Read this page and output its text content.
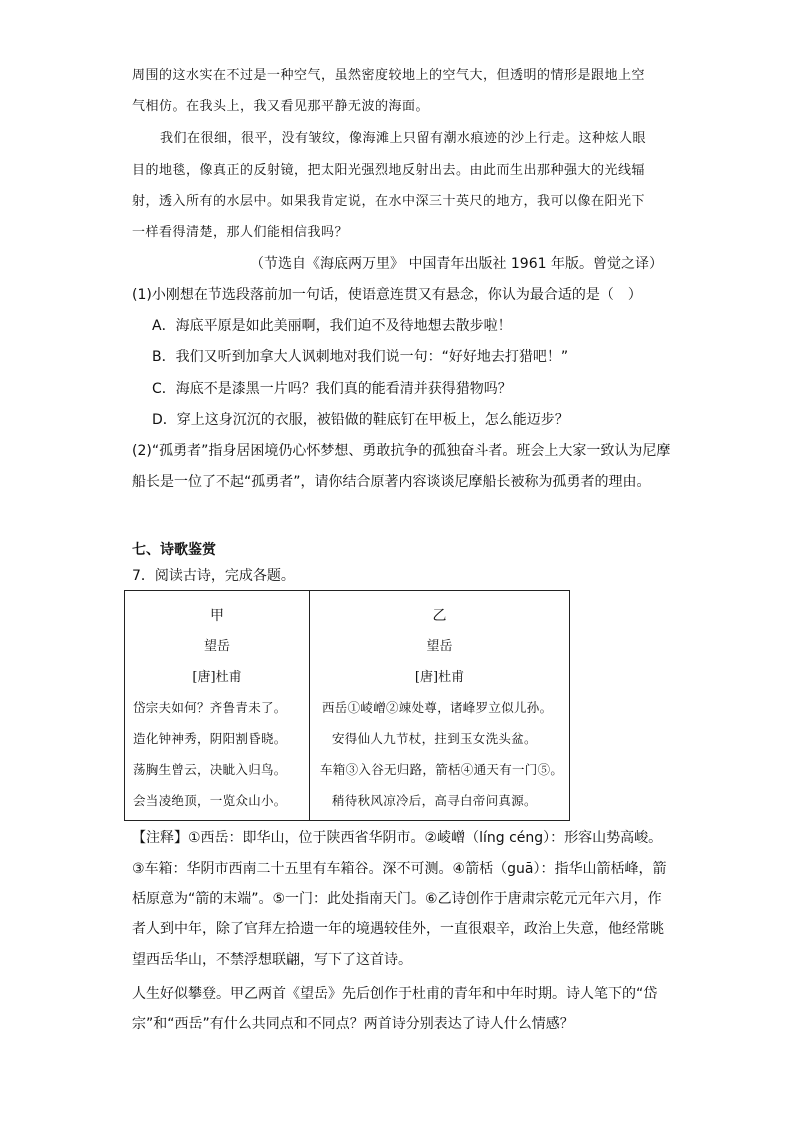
周围的这水实在不过是一种空气，虽然密度较地上的空气大，但透明的情形是跟地上空
气相仿。在我头上，我又看见那平静无波的海面。
我们在很细，很平，没有皱纹，像海滩上只留有潮水痕迹的沙上行走。这种炫人眼
目的地毯，像真正的反射镜，把太阳光强烈地反射出去。由此而生出那种强大的光线辐
射，透入所有的水层中。如果我肯定说，在水中深三十英尺的地方，我可以像在阳光下
一样看得清楚，那人们能相信我吗？
（节选自《海底两万里》 中国青年出版社 1961 年版。曾觉之译）
(1)小刚想在节选段落前加一句话，使语意连贯又有悬念，你认为最合适的是（　）
A．海底平原是如此美丽啊，我们迫不及待地想去散步啦！
B．我们又听到加拿大人讽刺地对我们说一句：“好好地去打猎吧！”
C．海底不是漆黑一片吗？我们真的能看清并获得猎物吗？
D．穿上这身沉沉的衣服，被铅做的鞋底钉在甲板上，怎么能迈步？
(2)“孤勇者”指身居困境仍心怀梦想、勇敢抗争的孤独奋斗者。班会上大家一致认为尼摩
船长是一位了不起“孤勇者”，请你结合原著内容谈谈尼摩船长被称为孤勇者的理由。
七、诗歌鉴赏
7．阅读古诗，完成各题。
甲
望岳
[唐]杜甫
岱宗夫如何？齐鲁青未了。
造化钟神秀，阴阳割昏晓。
荡胸生曾云，决眦入归鸟。
会当凌绝顶，一览众山小。

乙
望岳
[唐]杜甫
西岳①崚嶒②竦处尊，诸峰罗立似儿孙。
安得仙人九节杖，拄到玉女洗头盆。
车箱③入谷无归路，箭栝④通天有一门⑤。
稍待秋风凉冷后，高寻白帝问真源。
【注释】①西岳：即华山，位于陕西省华阴市。②崚嶒（líng céng）：形容山势高峻。
③车箱：华阴市西南二十五里有车箱谷。深不可测。④箭栝（guā）：指华山箭栝峰，箭
栝原意为“箭的末端”。⑤一门：此处指南天门。⑥乙诗创作于唐肃宗乾元元年六月，作
者人到中年，除了官拜左拾遗一年的境遇较佳外，一直很艰辛，政治上失意，他经常眺
望西岳华山，不禁浮想联翩，写下了这首诗。
人生好似攀登。甲乙两首《望岳》先后创作于杜甫的青年和中年时期。诗人笔下的“岱
宗”和“西岳”有什么共同点和不同点？两首诗分别表达了诗人什么情感？
